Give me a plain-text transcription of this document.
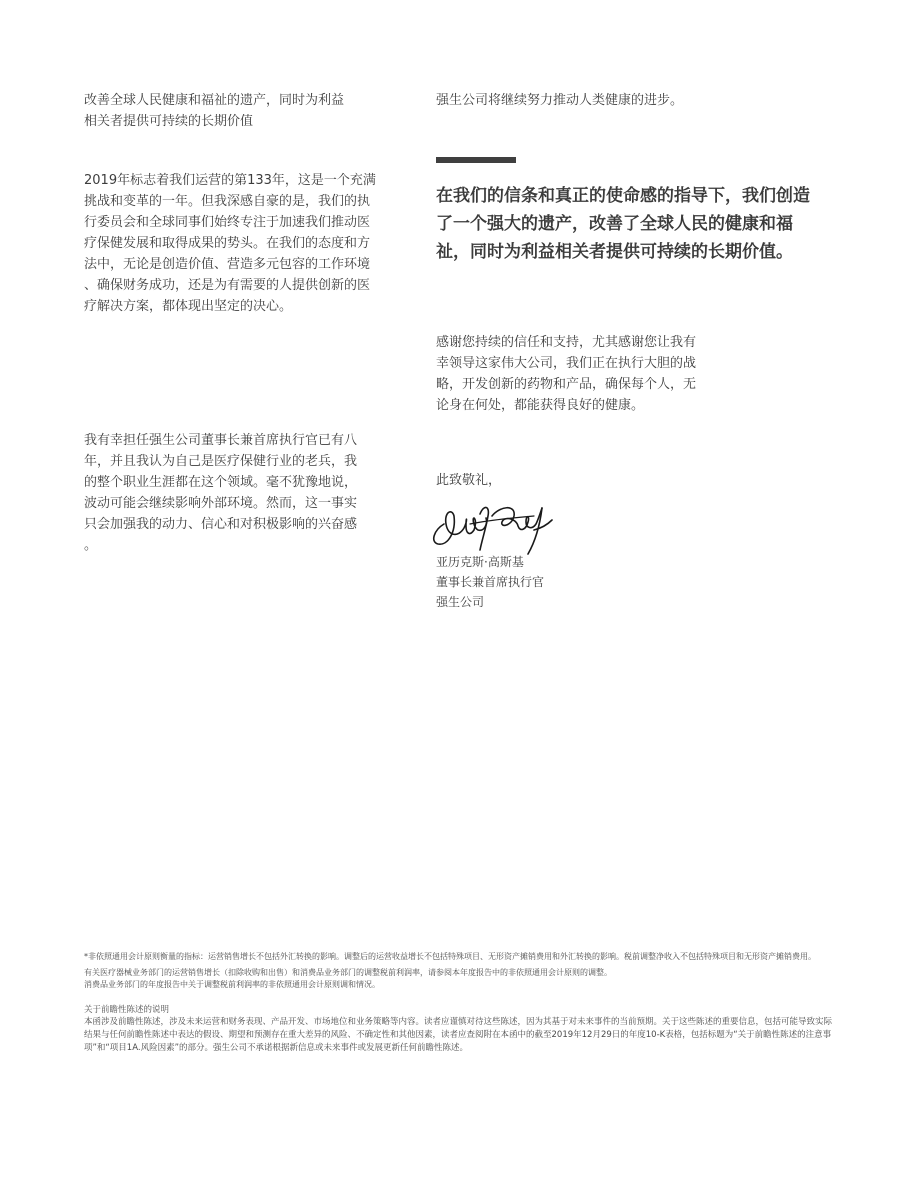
改善全球人民健康和福祉的遗产，同时为利益
相关者提供可持续的长期价值

2019年标志着我们运营的第133年，这是一个充满
挑战和变革的一年。但我深感自豪的是，我们的执
行委员会和全球同事们始终专注于加速我们推动医
疗保健发展和取得成果的势头。在我们的态度和方
法中，无论是创造价值、营造多元包容的工作环境
、确保财务成功，还是为有需要的人提供创新的医
疗解决方案，都体现出坚定的决心。

我有幸担任强生公司董事长兼首席执行官已有八
年，并且我认为自己是医疗保健行业的老兵，我
的整个职业生涯都在这个领域。毫不犹豫地说，
波动可能会继续影响外部环境。然而，这一事实
只会加强我的动力、信心和对积极影响的兴奋感
。

强生公司将继续努力推动人类健康的进步。

在我们的信条和真正的使命感的指导下，我们创造了一个强大的遗产，改善了全球人民的健康和福祉，同时为利益相关者提供可持续的长期价值。

感谢您持续的信任和支持，尤其感谢您让我有
幸领导这家伟大公司，我们正在执行大胆的战
略，开发创新的药物和产品，确保每个人，无
论身在何处，都能获得良好的健康。

此致敬礼，

亚历克斯·高斯基
董事长兼首席执行官
强生公司

*非依照通用会计原则衡量的指标：运营销售增长不包括外汇转换的影响。调整后的运营收益增长不包括特殊项目、无形资产摊销费用和外汇转换的影响。税前调整净收入不包括特殊项目和无形资产摊销费用。

有关医疗器械业务部门的运营销售增长（扣除收购和出售）和消费品业务部门的调整税前利润率，请参阅本年度报告中的非依照通用会计原则的调整。

消费品业务部门的年度报告中关于调整税前利润率的非依照通用会计原则调和情况。

关于前瞻性陈述的说明

本函涉及前瞻性陈述，涉及未来运营和财务表现、产品开发、市场地位和业务策略等内容。读者应谨慎对待这些陈述，因为其基于对未来事件的当前预期。关于这些陈述的重要信息，包括可能导致实际结果与任何前瞻性陈述中表达的假设、期望和预测存在重大差异的风险、不确定性和其他因素，读者应查阅附在本函中的截至2019年12月29日的年度10-K表格，包括标题为“关于前瞻性陈述的注意事项”和“项目1A.风险因素”的部分。强生公司不承诺根据新信息或未来事件或发展更新任何前瞻性陈述。
